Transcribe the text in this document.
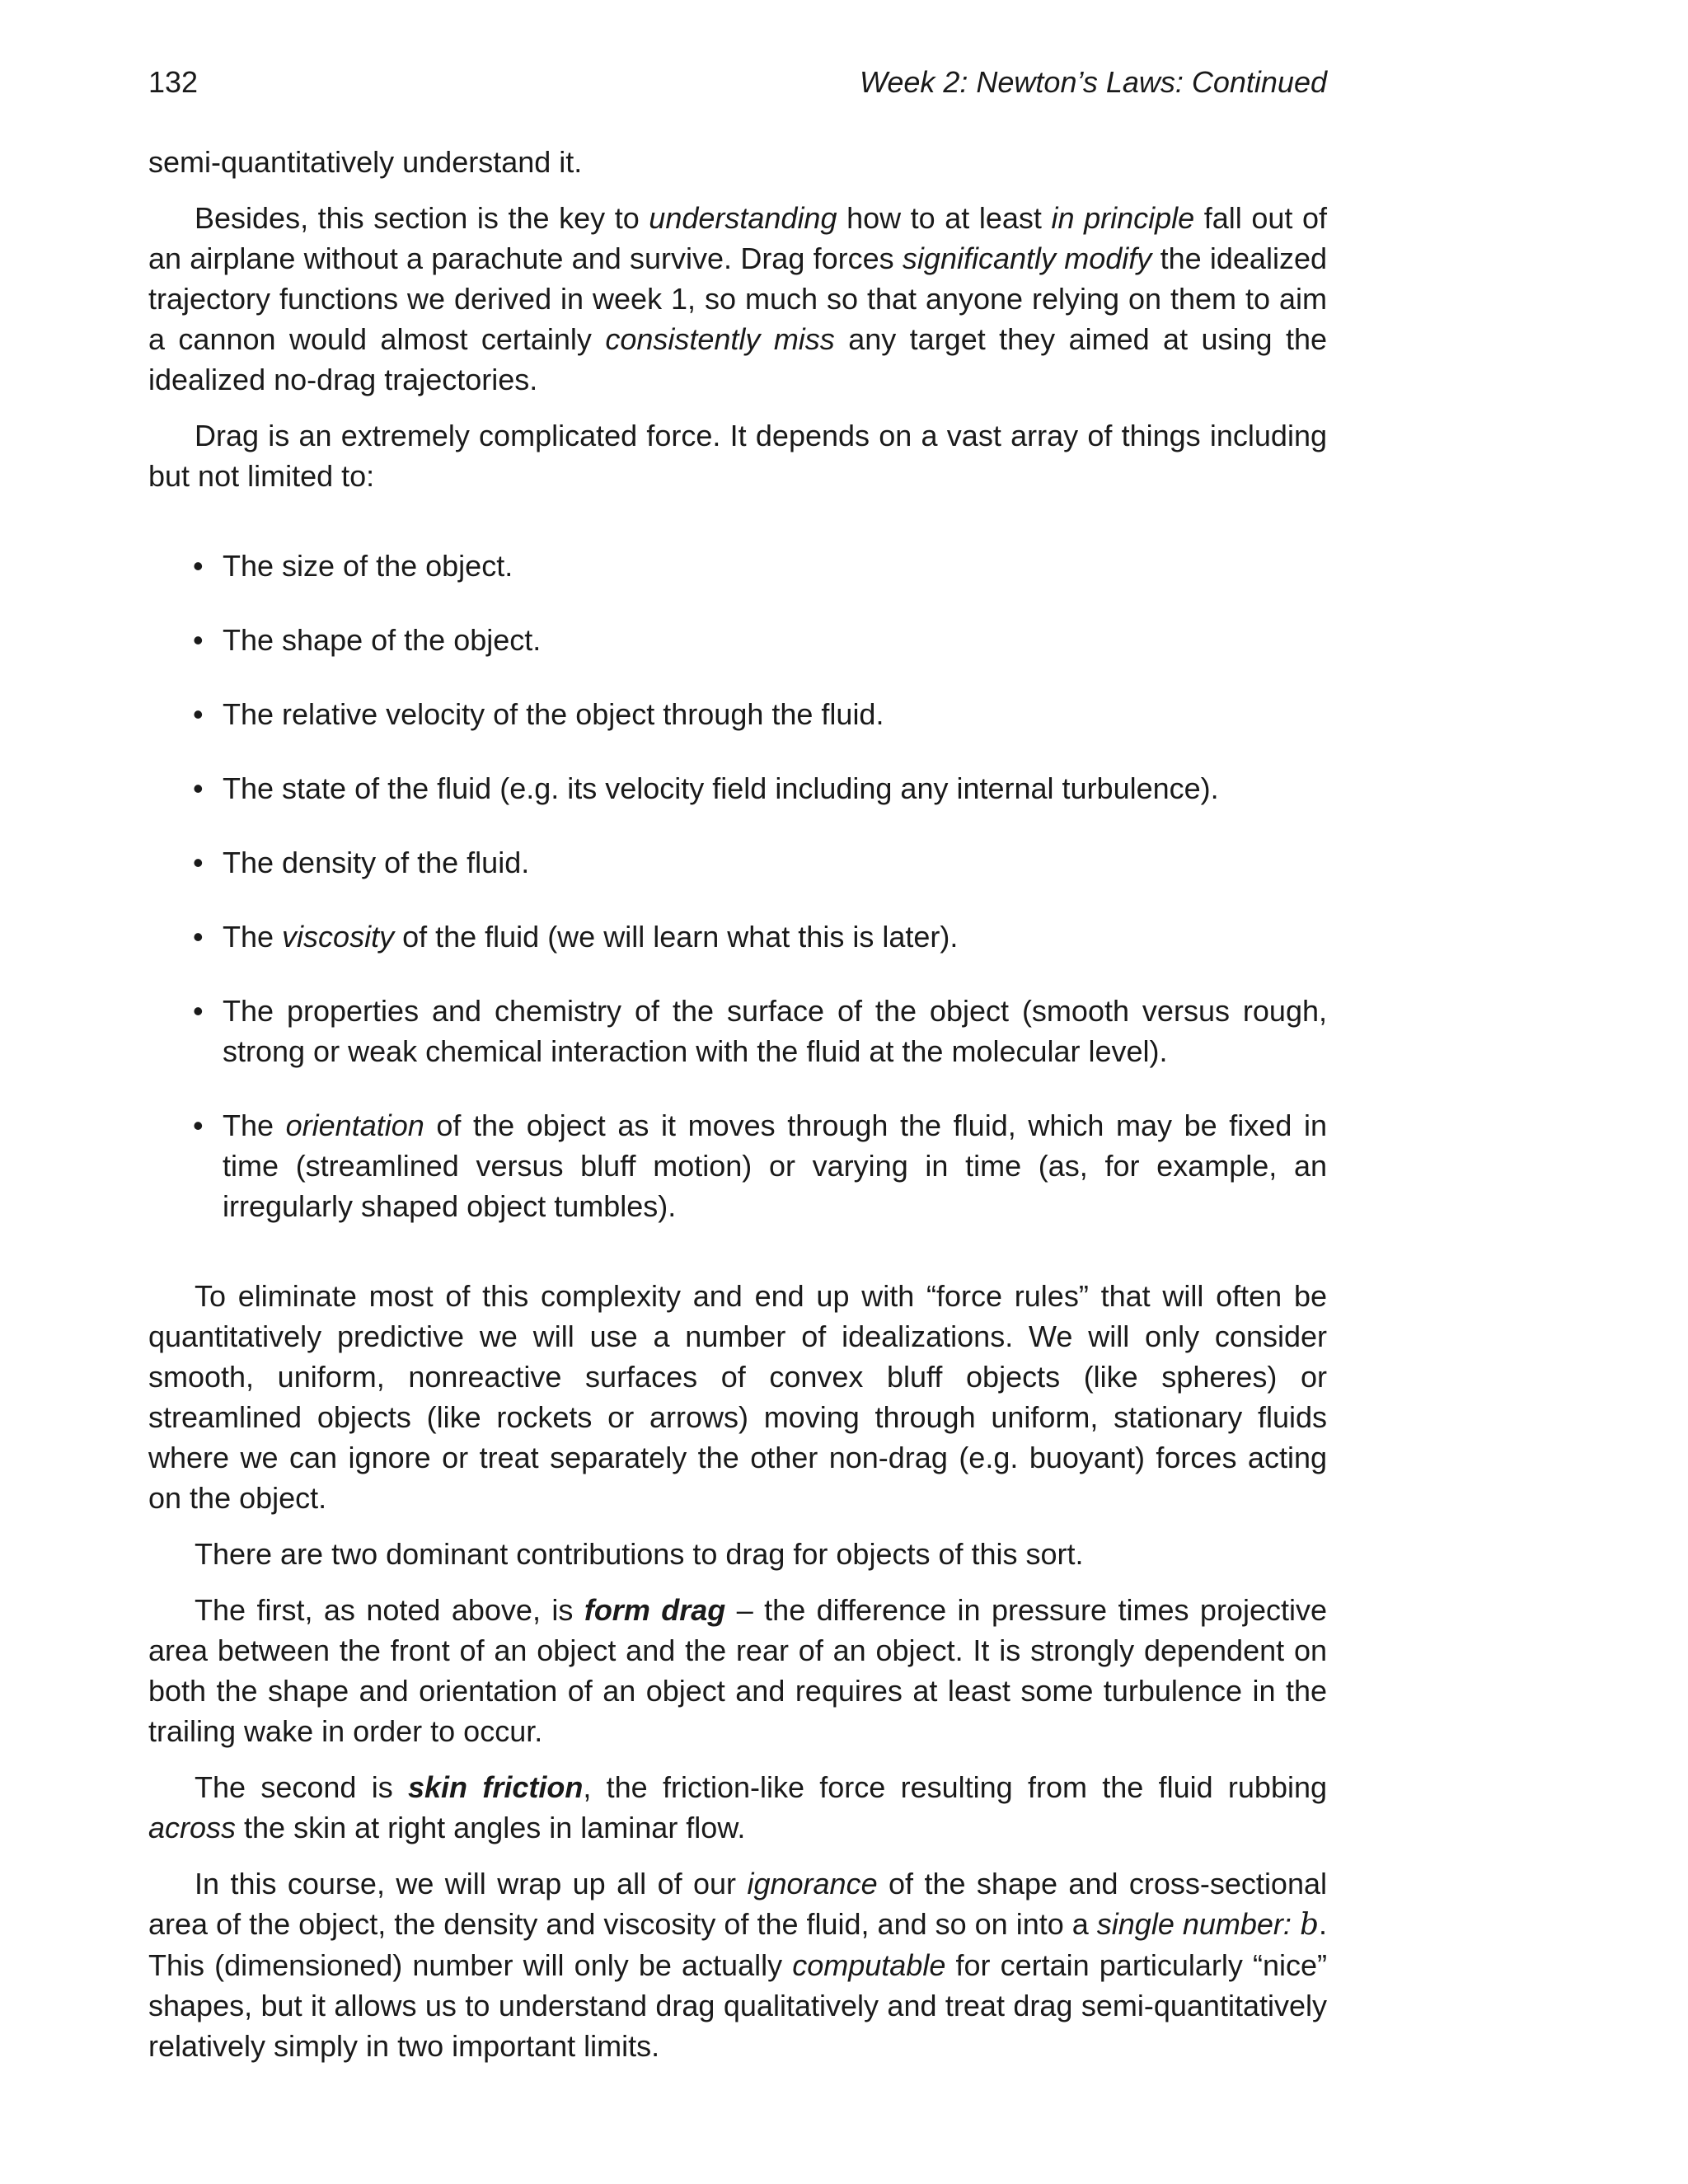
132	Week 2: Newton’s Laws: Continued

semi-quantitatively understand it.

Besides, this section is the key to understanding how to at least in principle fall out of an airplane without a parachute and survive. Drag forces significantly modify the idealized trajectory functions we derived in week 1, so much so that anyone relying on them to aim a cannon would almost certainly consistently miss any target they aimed at using the idealized no-drag trajectories.

Drag is an extremely complicated force. It depends on a vast array of things including but not limited to:

• The size of the object.
• The shape of the object.
• The relative velocity of the object through the fluid.
• The state of the fluid (e.g. its velocity field including any internal turbulence).
• The density of the fluid.
• The viscosity of the fluid (we will learn what this is later).
• The properties and chemistry of the surface of the object (smooth versus rough, strong or weak chemical interaction with the fluid at the molecular level).
• The orientation of the object as it moves through the fluid, which may be fixed in time (streamlined versus bluff motion) or varying in time (as, for example, an irregularly shaped object tumbles).

To eliminate most of this complexity and end up with “force rules” that will often be quantitatively predictive we will use a number of idealizations. We will only consider smooth, uniform, nonreactive surfaces of convex bluff objects (like spheres) or streamlined objects (like rockets or arrows) moving through uniform, stationary fluids where we can ignore or treat separately the other non-drag (e.g. buoyant) forces acting on the object.

There are two dominant contributions to drag for objects of this sort.

The first, as noted above, is form drag – the difference in pressure times projective area between the front of an object and the rear of an object. It is strongly dependent on both the shape and orientation of an object and requires at least some turbulence in the trailing wake in order to occur.

The second is skin friction, the friction-like force resulting from the fluid rubbing across the skin at right angles in laminar flow.

In this course, we will wrap up all of our ignorance of the shape and cross-sectional area of the object, the density and viscosity of the fluid, and so on into a single number: b. This (dimensioned) number will only be actually computable for certain particularly “nice” shapes, but it allows us to understand drag qualitatively and treat drag semi-quantitatively relatively simply in two important limits.
